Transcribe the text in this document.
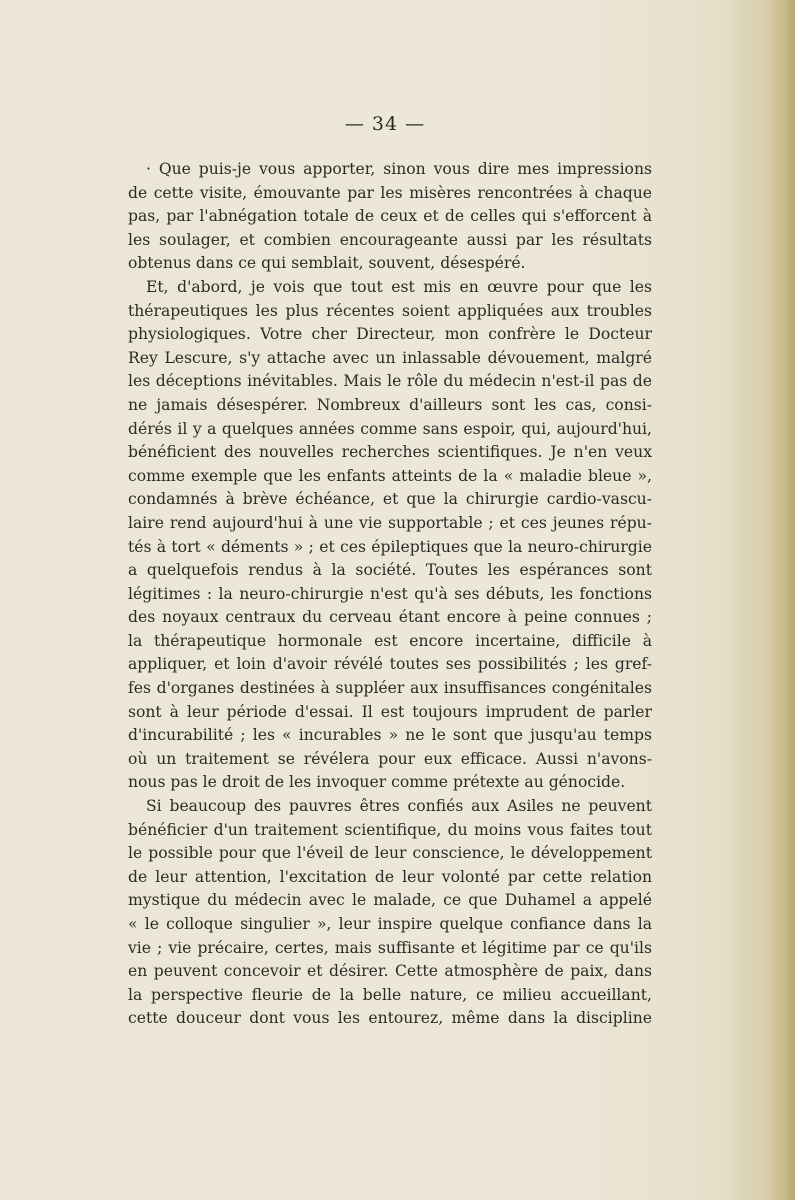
— 34 —
· Que puis-je vous apporter, sinon vous dire mes impressions
de cette visite, émouvante par les misères rencontrées à chaque
pas, par l'abnégation totale de ceux et de celles qui s'efforcent à
les soulager, et combien encourageante aussi par les résultats
obtenus dans ce qui semblait, souvent, désespéré.
Et, d'abord, je vois que tout est mis en œuvre pour que les
thérapeutiques les plus récentes soient appliquées aux troubles
physiologiques. Votre cher Directeur, mon confrère le Docteur
Rey Lescure, s'y attache avec un inlassable dévouement, malgré
les déceptions inévitables. Mais le rôle du médecin n'est-il pas de
ne jamais désespérer. Nombreux d'ailleurs sont les cas, consi-
dérés il y a quelques années comme sans espoir, qui, aujourd'hui,
bénéficient des nouvelles recherches scientifiques. Je n'en veux
comme exemple que les enfants atteints de la « maladie bleue »,
condamnés à brève échéance, et que la chirurgie cardio-vascu-
laire rend aujourd'hui à une vie supportable ; et ces jeunes répu-
tés à tort « déments » ; et ces épileptiques que la neuro-chirurgie
a quelquefois rendus à la société. Toutes les espérances sont
légitimes : la neuro-chirurgie n'est qu'à ses débuts, les fonctions
des noyaux centraux du cerveau étant encore à peine connues ;
la thérapeutique hormonale est encore incertaine, difficile à
appliquer, et loin d'avoir révélé toutes ses possibilités ; les gref-
fes d'organes destinées à suppléer aux insuffisances congénitales
sont à leur période d'essai. Il est toujours imprudent de parler
d'incurabilité ; les « incurables » ne le sont que jusqu'au temps
où un traitement se révélera pour eux efficace. Aussi n'avons-
nous pas le droit de les invoquer comme prétexte au génocide.
Si beaucoup des pauvres êtres confiés aux Asiles ne peuvent
bénéficier d'un traitement scientifique, du moins vous faites tout
le possible pour que l'éveil de leur conscience, le développement
de leur attention, l'excitation de leur volonté par cette relation
mystique du médecin avec le malade, ce que Duhamel a appelé
« le colloque singulier », leur inspire quelque confiance dans la
vie ; vie précaire, certes, mais suffisante et légitime par ce qu'ils
en peuvent concevoir et désirer. Cette atmosphère de paix, dans
la perspective fleurie de la belle nature, ce milieu accueillant,
cette douceur dont vous les entourez, même dans la discipline
